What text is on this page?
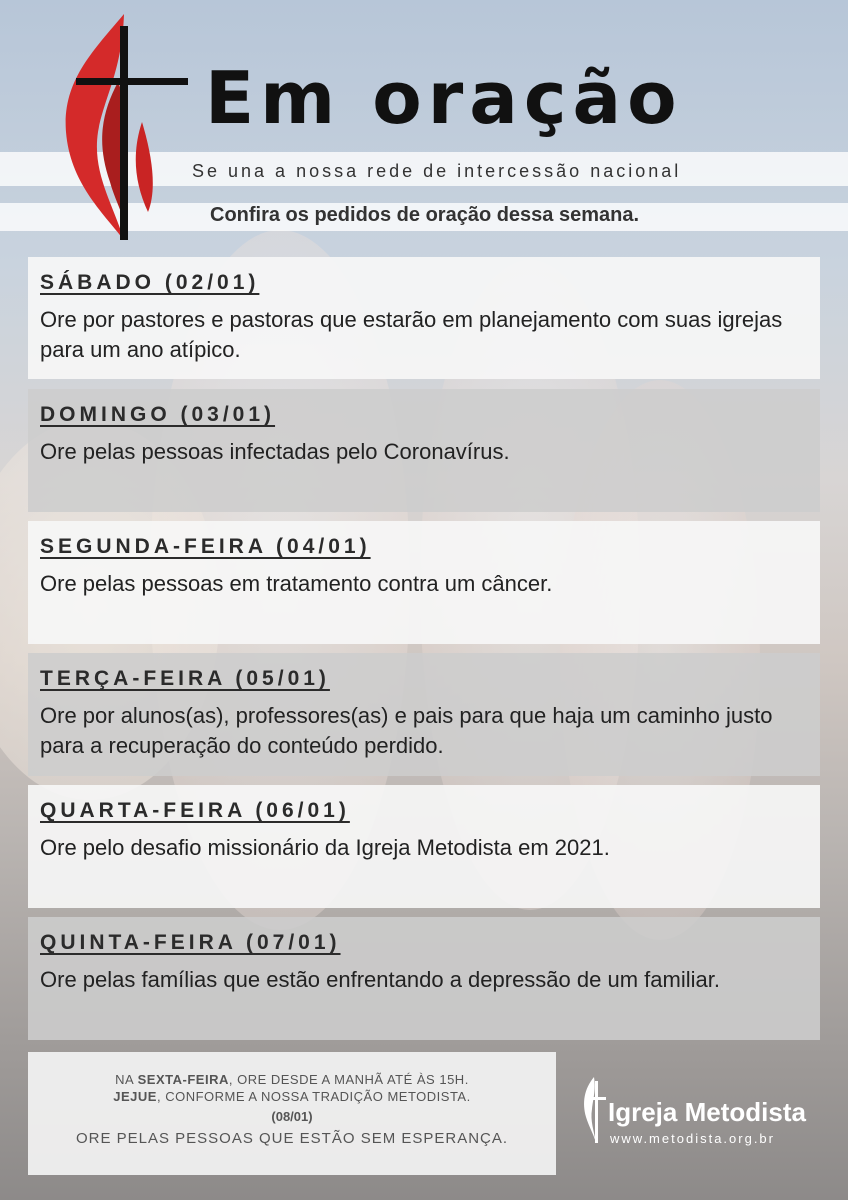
Em oração
Se una a nossa rede de intercessão nacional
Confira os pedidos de oração dessa semana.
SÁBADO (02/01)
Ore por pastores e pastoras que estarão em planejamento com suas igrejas para um ano atípico.
DOMINGO (03/01)
Ore pelas pessoas infectadas pelo Coronavírus.
SEGUNDA-FEIRA (04/01)
Ore pelas pessoas em tratamento contra um câncer.
TERÇA-FEIRA (05/01)
Ore por alunos(as), professores(as) e pais para que haja um caminho justo para a recuperação do conteúdo perdido.
QUARTA-FEIRA (06/01)
Ore pelo desafio missionário da Igreja Metodista em 2021.
QUINTA-FEIRA (07/01)
Ore pelas famílias que estão enfrentando a depressão de um familiar.
NA SEXTA-FEIRA, ORE DESDE A MANHÃ ATÉ ÀS 15H.
JEJUE, CONFORME A NOSSA TRADIÇÃO METODISTA.
(08/01)
ORE PELAS PESSOAS QUE ESTÃO SEM ESPERANÇA.
Igreja Metodista
www.metodista.org.br
